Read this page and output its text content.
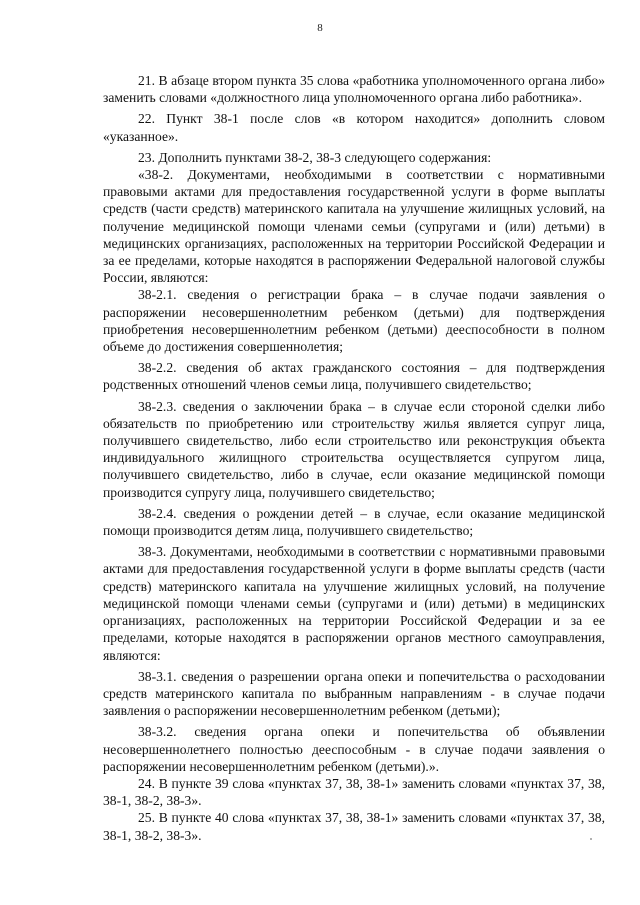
8

21. В абзаце втором пункта 35 слова «работника уполномоченного органа либо» заменить словами «должностного лица уполномоченного органа либо работника».

22. Пункт 38-1 после слов «в котором находится» дополнить словом «указанное».

23. Дополнить пунктами 38-2, 38-3 следующего содержания:

«38-2. Документами, необходимыми в соответствии с нормативными правовыми актами для предоставления государственной услуги в форме выплаты средств (части средств) материнского капитала на улучшение жилищных условий, на получение медицинской помощи членами семьи (супругами и (или) детьми) в медицинских организациях, расположенных на территории Российской Федерации и за ее пределами, которые находятся в распоряжении Федеральной налоговой службы России, являются:

38-2.1. сведения о регистрации брака – в случае подачи заявления о распоряжении несовершеннолетним ребенком (детьми) для подтверждения приобретения несовершеннолетним ребенком (детьми) дееспособности в полном объеме до достижения совершеннолетия;

38-2.2. сведения об актах гражданского состояния – для подтверждения родственных отношений членов семьи лица, получившего свидетельство;

38-2.3. сведения о заключении брака – в случае если стороной сделки либо обязательств по приобретению или строительству жилья является супруг лица, получившего свидетельство, либо если строительство или реконструкция объекта индивидуального жилищного строительства осуществляется супругом лица, получившего свидетельство, либо в случае, если оказание медицинской помощи производится супругу лица, получившего свидетельство;

38-2.4. сведения о рождении детей – в случае, если оказание медицинской помощи производится детям лица, получившего свидетельство;

38-3. Документами, необходимыми в соответствии с нормативными правовыми актами для предоставления государственной услуги в форме выплаты средств (части средств) материнского капитала на улучшение жилищных условий, на получение медицинской помощи членами семьи (супругами и (или) детьми) в медицинских организациях, расположенных на территории Российской Федерации и за ее пределами, которые находятся в распоряжении органов местного самоуправления, являются:

38-3.1. сведения о разрешении органа опеки и попечительства о расходовании средств материнского капитала по выбранным направлениям - в случае подачи заявления о распоряжении несовершеннолетним ребенком (детьми);

38-3.2. сведения органа опеки и попечительства об объявлении несовершеннолетнего полностью дееспособным - в случае подачи заявления о распоряжении несовершеннолетним ребенком (детьми).».

24. В пункте 39 слова «пунктах 37, 38, 38-1» заменить словами «пунктах 37, 38, 38-1, 38-2, 38-3».

25. В пункте 40 слова «пунктах 37, 38, 38-1» заменить словами «пунктах 37, 38, 38-1, 38-2, 38-3».
